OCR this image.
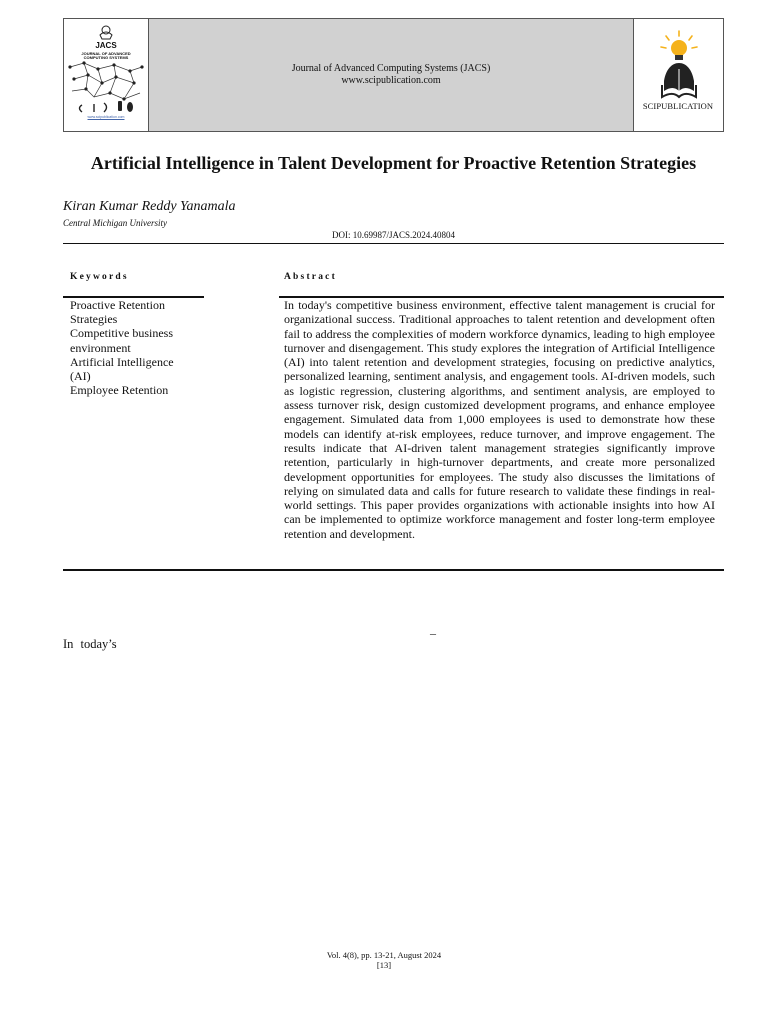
JACS
JOURNAL OF ADVANCED COMPUTING SYSTEMS
www.scipublication.com
Journal of Advanced Computing Systems (JACS)
www.scipublication.com
SCIPUBLICATION
Artificial Intelligence in Talent Development for Proactive Retention Strategies
Kiran Kumar Reddy Yanamala
Central Michigan University
DOI: 10.69987/JACS.2024.40804
Keywords	Abstract
Proactive Retention
Strategies
Competitive business
environment
Artificial Intelligence
(AI)
Employee Retention

In today's competitive business environment, effective talent management is crucial for organizational success. Traditional approaches to talent retention and development often fail to address the complexities of modern workforce dynamics, leading to high employee turnover and disengagement. This study explores the integration of Artificial Intelligence (AI) into talent retention and development strategies, focusing on predictive analytics, personalized learning, sentiment analysis, and engagement tools. AI-driven models, such as logistic regression, clustering algorithms, and sentiment analysis, are employed to assess turnover risk, design customized development programs, and enhance employee engagement. Simulated data from 1,000 employees is used to demonstrate how these models can identify at-risk employees, reduce turnover, and improve engagement. The results indicate that AI-driven talent management strategies significantly improve retention, particularly in high-turnover departments, and create more personalized development opportunities for employees. The study also discusses the limitations of relying on simulated data and calls for future research to validate these findings in real-world settings. This paper provides organizations with actionable insights into how AI can be implemented to optimize workforce management and foster long-term employee retention and development.

–
In today’s
Vol. 4(8), pp. 13-21, August 2024
[13]
